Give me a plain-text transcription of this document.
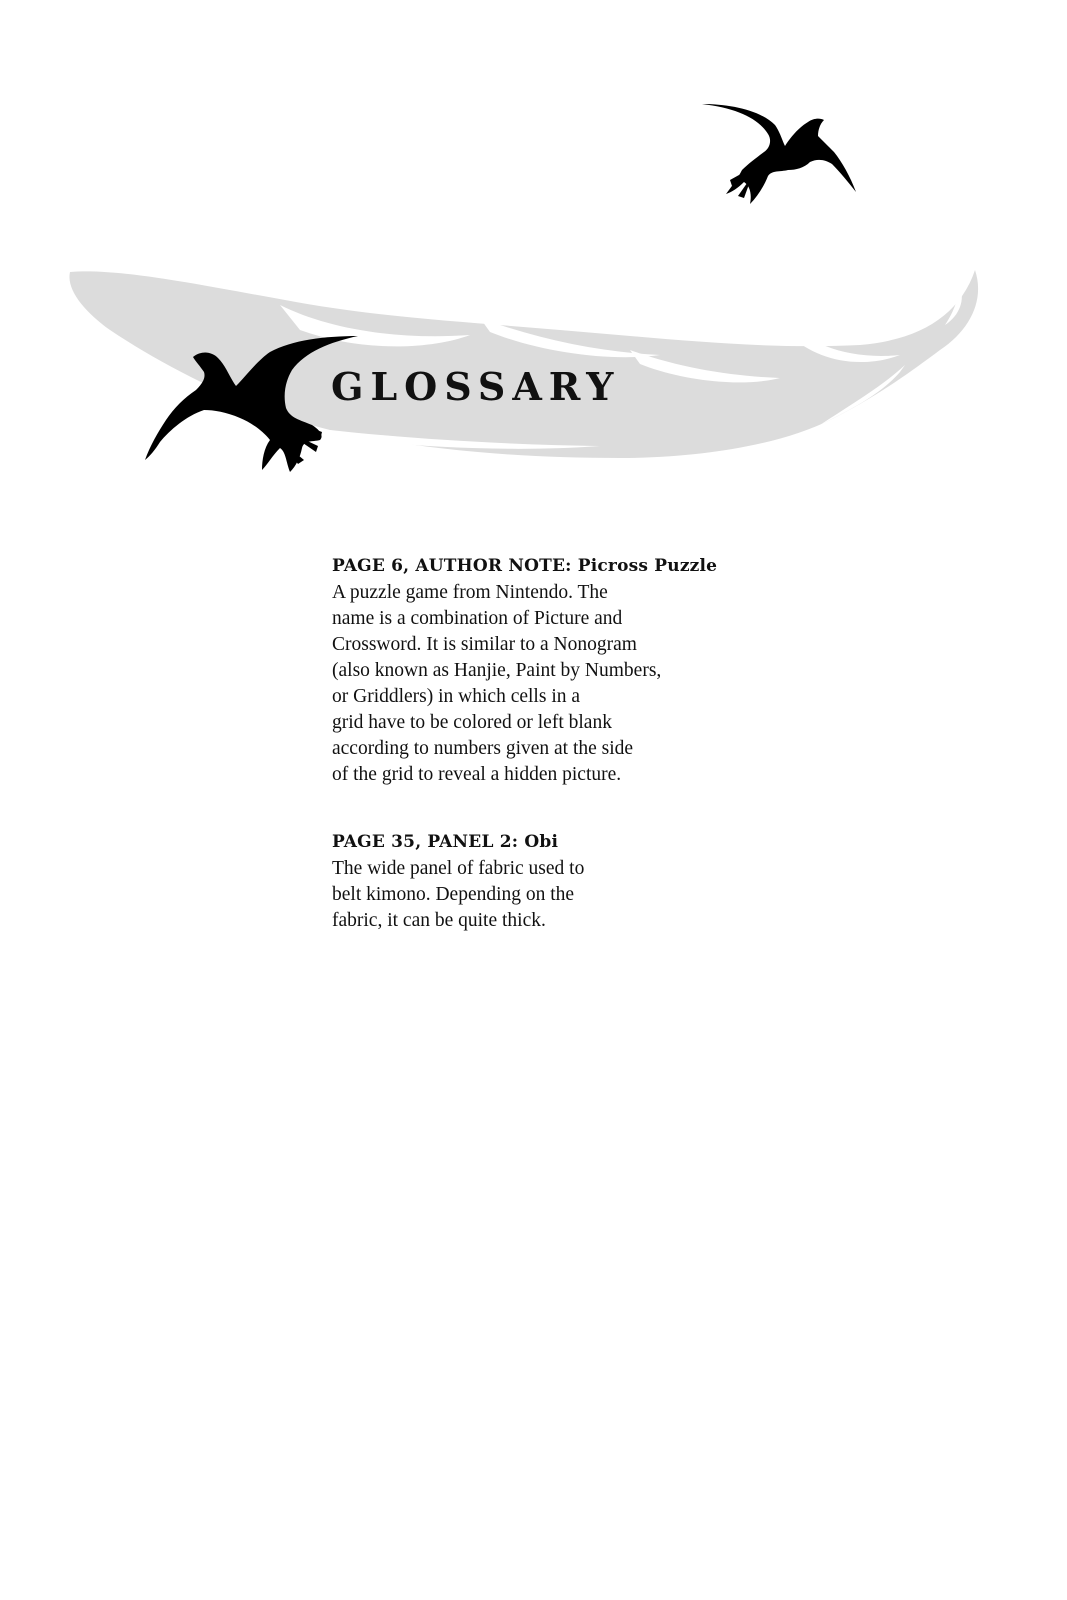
GLOSSARY
PAGE 6, AUTHOR NOTE: Picross Puzzle
A puzzle game from Nintendo. The
name is a combination of Picture and
Crossword. It is similar to a Nonogram
(also known as Hanjie, Paint by Numbers,
or Griddlers) in which cells in a
grid have to be colored or left blank
according to numbers given at the side
of the grid to reveal a hidden picture.
PAGE 35, PANEL 2: Obi
The wide panel of fabric used to
belt kimono. Depending on the
fabric, it can be quite thick.
